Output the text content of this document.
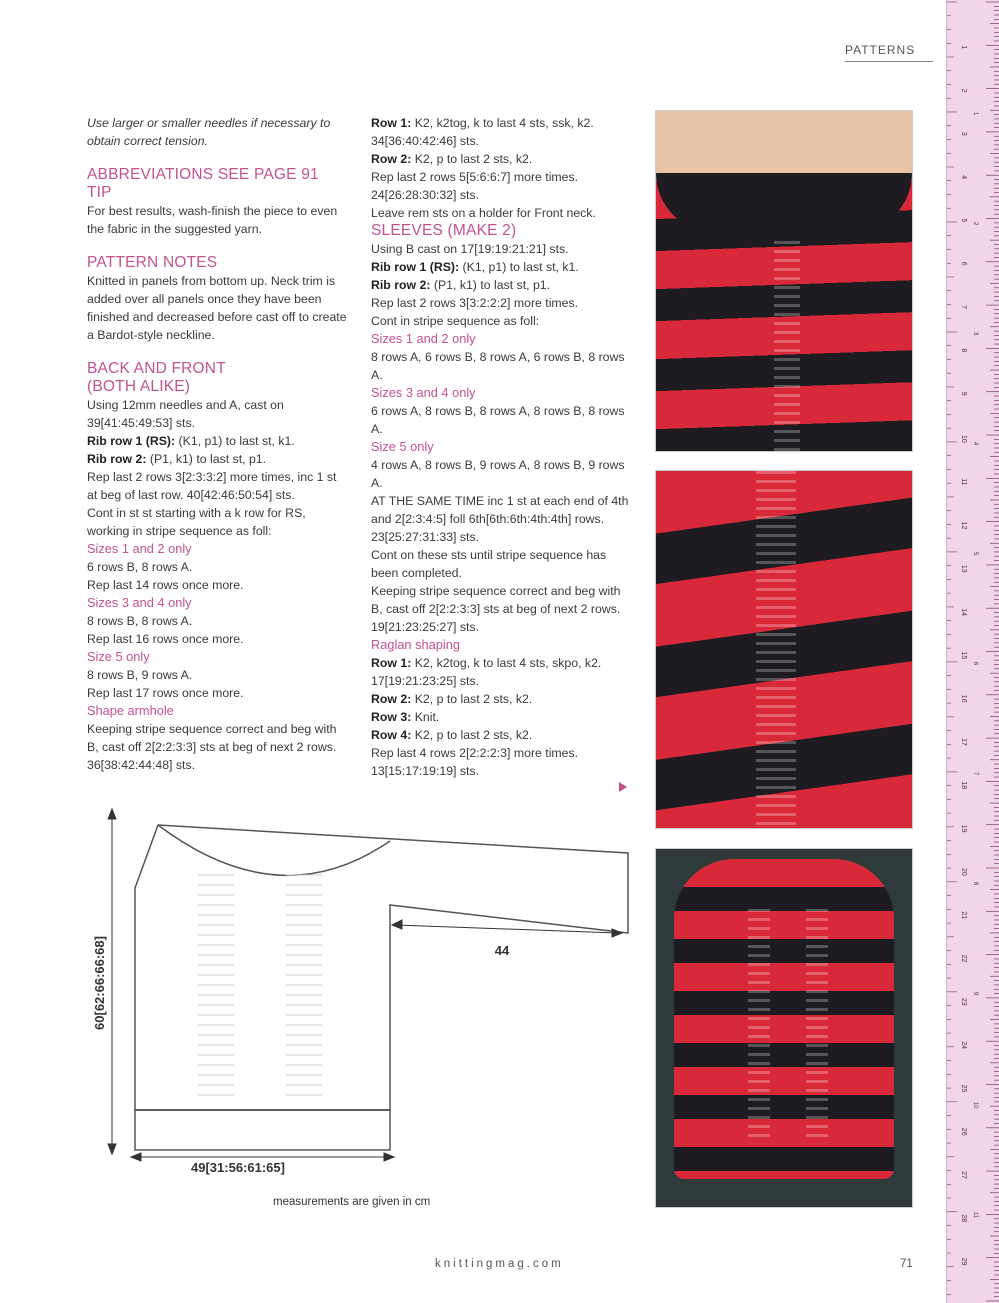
PATTERNS

Use larger or smaller needles if necessary to obtain correct tension.

ABBREVIATIONS SEE PAGE 91

TIP

For best results, wash-finish the piece to even the fabric in the suggested yarn.

PATTERN NOTES

Knitted in panels from bottom up. Neck trim is added over all panels once they have been finished and decreased before cast off to create a Bardot-style neckline.

BACK AND FRONT

(BOTH ALIKE)

Using 12mm needles and A, cast on 39[41:45:49:53] sts.

Rib row 1 (RS): (K1, p1) to last st, k1.

Rib row 2: (P1, k1) to last st, p1.

Rep last 2 rows 3[2:3:3:2] more times, inc 1 st at beg of last row. 40[42:46:50:54] sts.

Cont in st st starting with a k row for RS, working in stripe sequence as foll:

Sizes 1 and 2 only

6 rows B, 8 rows A.

Rep last 14 rows once more.

Sizes 3 and 4 only

8 rows B, 8 rows A.

Rep last 16 rows once more.

Size 5 only

8 rows B, 9 rows A.

Rep last 17 rows once more.

Shape armhole

Keeping stripe sequence correct and beg with B, cast off 2[2:2:3:3] sts at beg of next 2 rows. 36[38:42:44:48] sts.

Row 1: K2, k2tog, k to last 4 sts, ssk, k2. 34[36:40:42:46] sts.

Row 2: K2, p to last 2 sts, k2.

Rep last 2 rows 5[5:6:6:7] more times. 24[26:28:30:32] sts.

Leave rem sts on a holder for Front neck.

SLEEVES (MAKE 2)

Using B cast on 17[19:19:21:21] sts.

Rib row 1 (RS): (K1, p1) to last st, k1.

Rib row 2: (P1, k1) to last st, p1.

Rep last 2 rows 3[3:2:2:2] more times.

Cont in stripe sequence as foll:

Sizes 1 and 2 only

8 rows A, 6 rows B, 8 rows A, 6 rows B, 8 rows A.

Sizes 3 and 4 only

6 rows A, 8 rows B, 8 rows A, 8 rows B, 8 rows A.

Size 5 only

4 rows A, 8 rows B, 9 rows A, 8 rows B, 9 rows A.

AT THE SAME TIME inc 1 st at each end of 4th and 2[2:3:4:5] foll 6th[6th:6th:4th:4th] rows. 23[25:27:31:33] sts.

Cont on these sts until stripe sequence has been completed.

Keeping stripe sequence correct and beg with B, cast off 2[2:2:3:3] sts at beg of next 2 rows. 19[21:23:25:27] sts.

Raglan shaping

Row 1: K2, k2tog, k to last 4 sts, skpo, k2. 17[19:21:23:25] sts.

Row 2: K2, p to last 2 sts, k2.

Row 3: Knit.

Row 4: K2, p to last 2 sts, k2.

Rep last 4 rows 2[2:2:2:3] more times. 13[15:17:19:19] sts.

60[62:66:66:68]
49[31:56:61:65]
44
measurements are given in cm
1
2
3
4
5
6
7
8
9
10
11
12
13
14
15
16
17
18
19
20
21
22
23
24
25
26
27
28
29
1
2
3
4
5
6
7
8
9
10
11
knittingmag.com	71
